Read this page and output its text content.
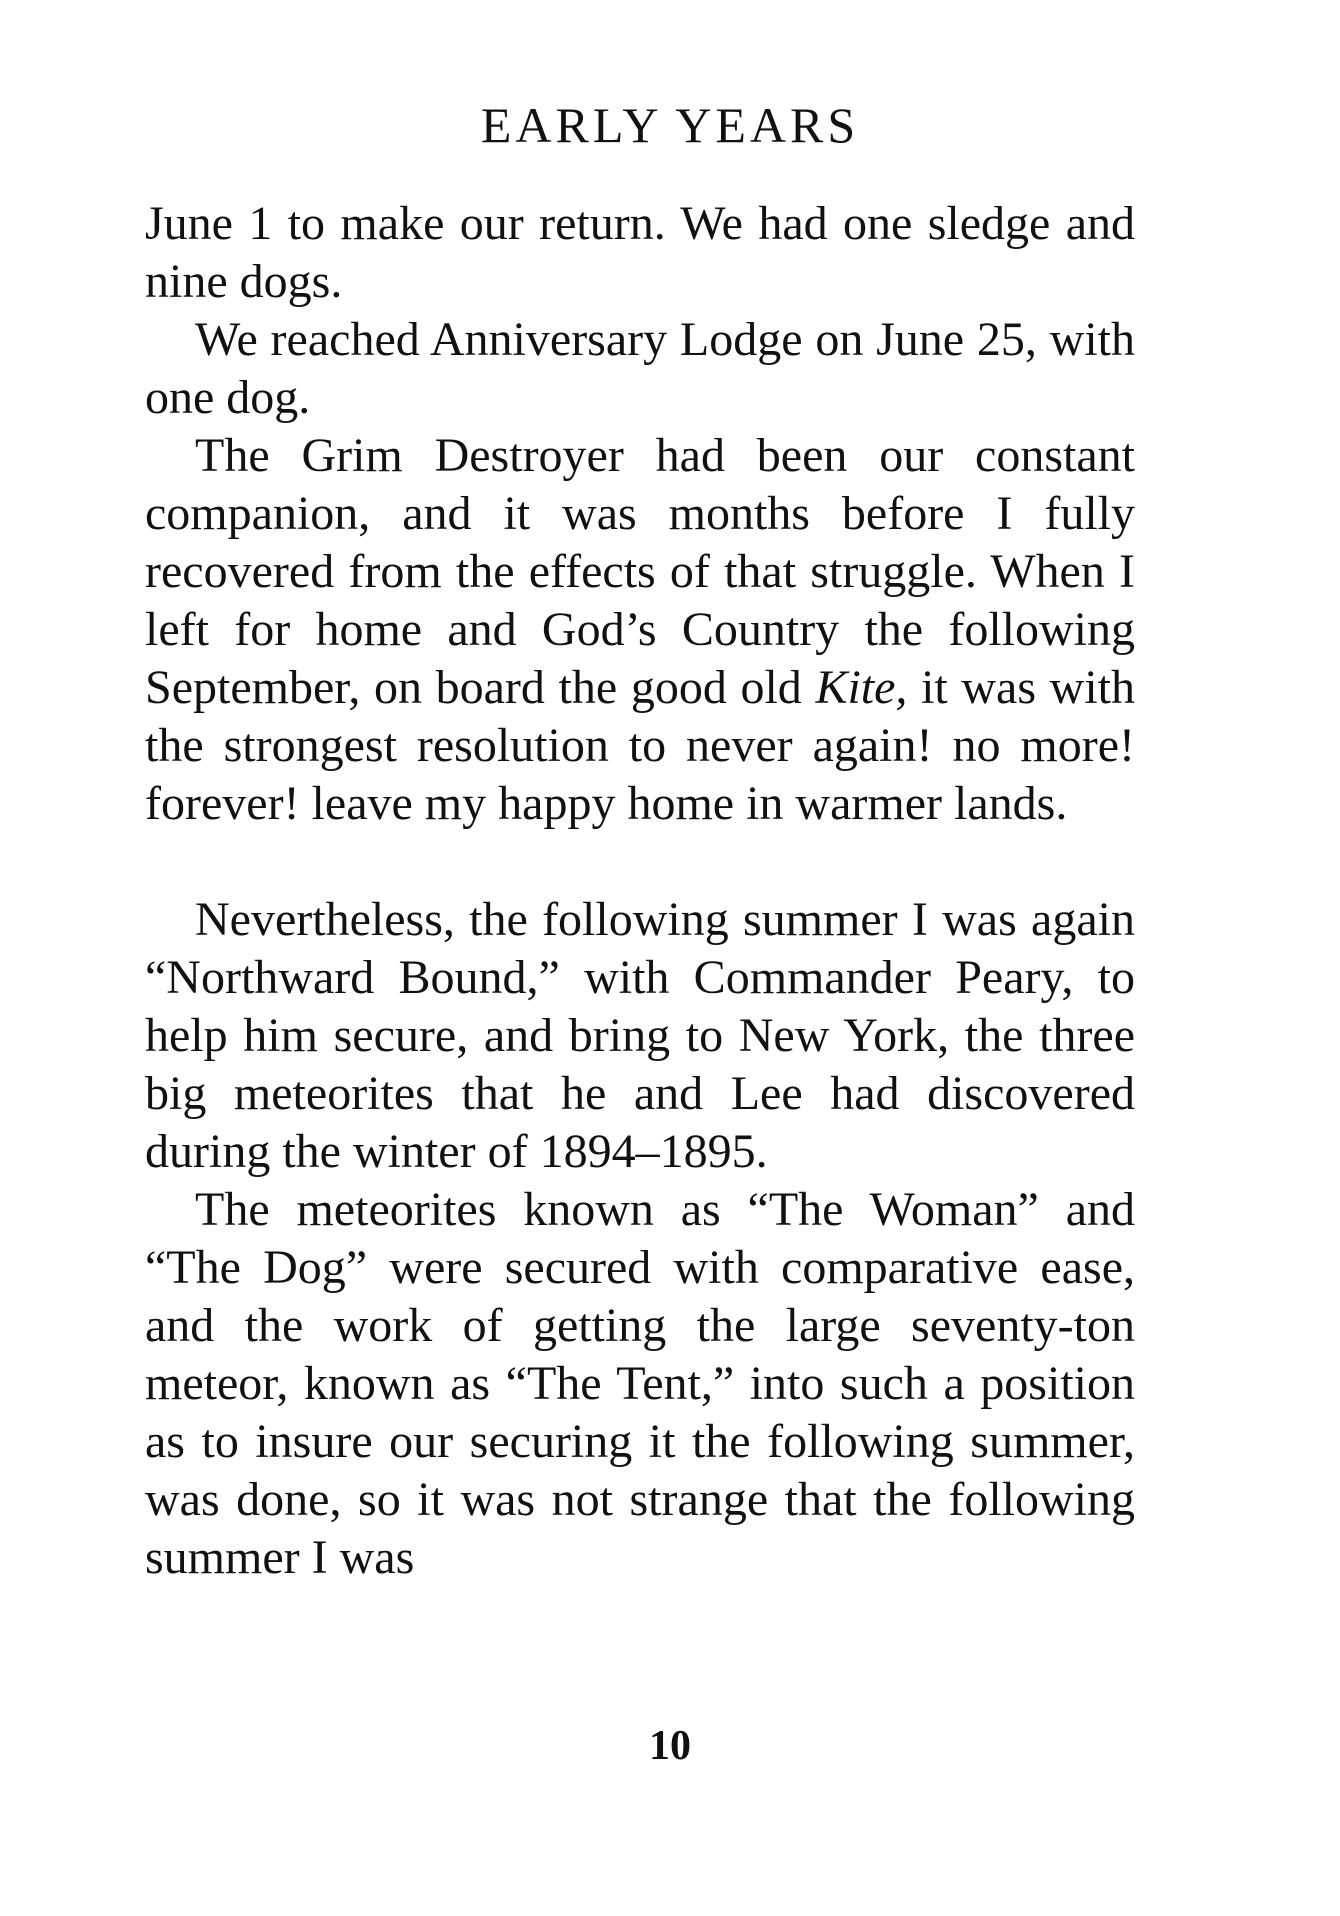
EARLY YEARS

June 1 to make our return. We had one sledge and nine dogs.

We reached Anniversary Lodge on June 25, with one dog.

The Grim Destroyer had been our constant companion, and it was months before I fully recovered from the effects of that struggle. When I left for home and God’s Country the following September, on board the good old Kite, it was with the strongest resolution to never again! no more! forever! leave my happy home in warmer lands.

Nevertheless, the following summer I was again “Northward Bound,” with Commander Peary, to help him secure, and bring to New York, the three big meteorites that he and Lee had discovered during the winter of 1894–1895.

The meteorites known as “The Woman” and “The Dog” were secured with comparative ease, and the work of getting the large seventy-ton meteor, known as “The Tent,” into such a position as to insure our securing it the following summer, was done, so it was not strange that the following summer I was

10
